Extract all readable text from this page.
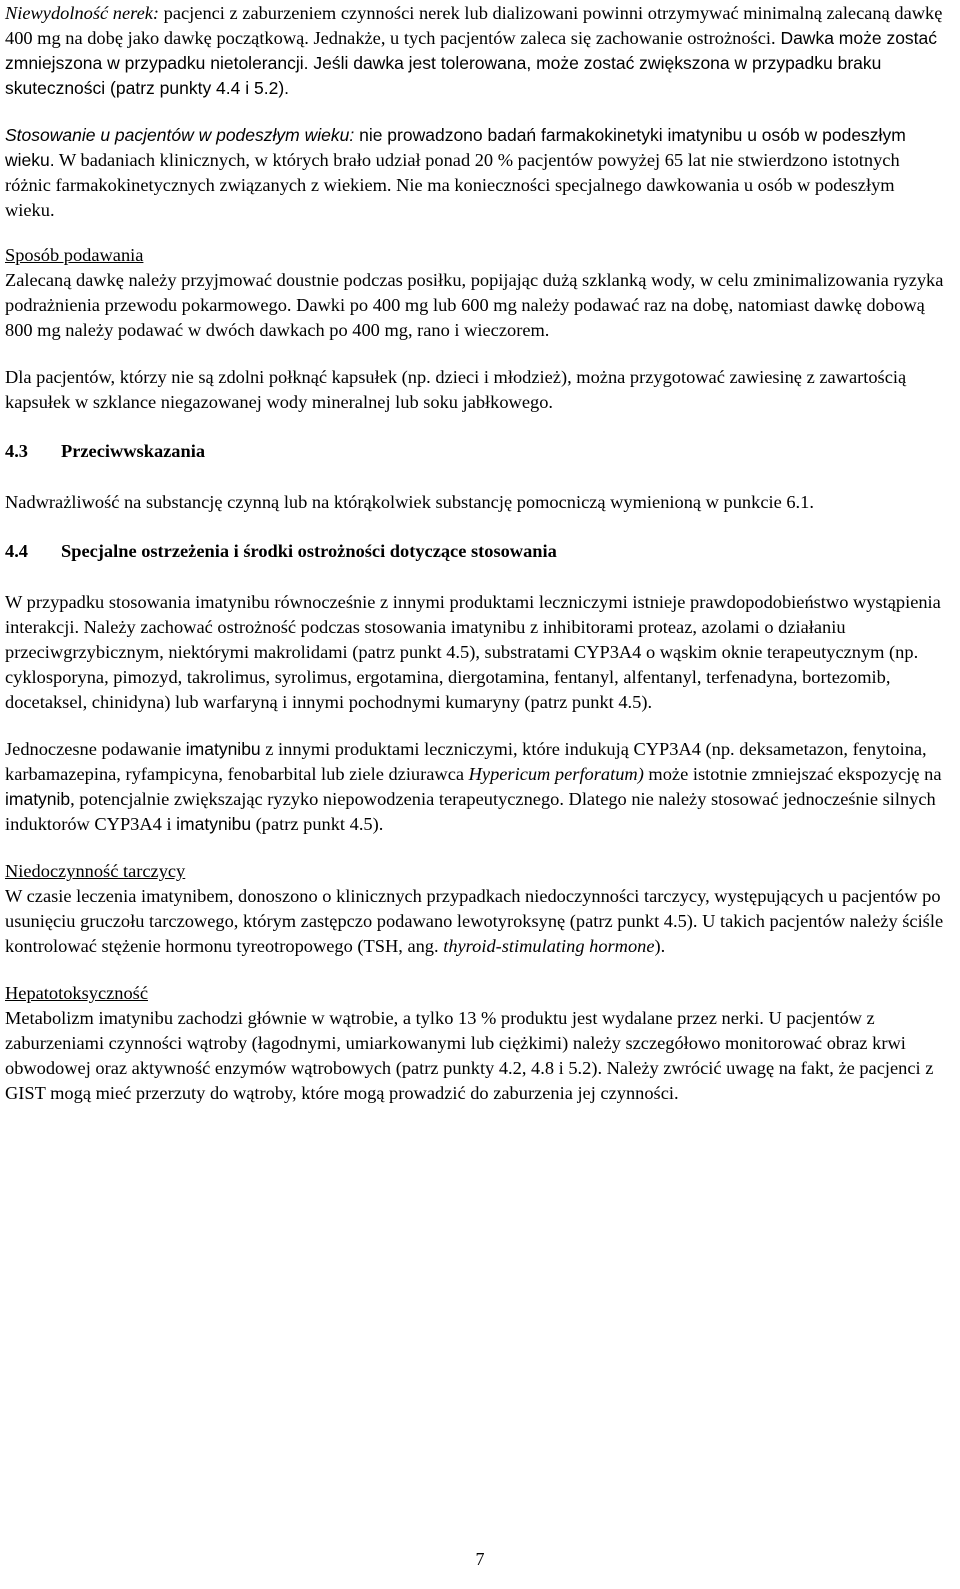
Niewydolność nerek: pacjenci z zaburzeniem czynności nerek lub dializowani powinni otrzymywać minimalną zalecaną dawkę 400 mg na dobę jako dawkę początkową. Jednakże, u tych pacjentów zaleca się zachowanie ostrożności. Dawka może zostać zmniejszona w przypadku nietolerancji. Jeśli dawka jest tolerowana, może zostać zwiększona w przypadku braku skuteczności (patrz punkty 4.4 i 5.2).

Stosowanie u pacjentów w podeszłym wieku: nie prowadzono badań farmakokinetyki imatynibu u osób w podeszłym wieku. W badaniach klinicznych, w których brało udział ponad 20 % pacjentów powyżej 65 lat nie stwierdzono istotnych różnic farmakokinetycznych związanych z wiekiem. Nie ma konieczności specjalnego dawkowania u osób w podeszłym wieku.

Sposób podawania

Zalecaną dawkę należy przyjmować doustnie podczas posiłku, popijając dużą szklanką wody, w celu zminimalizowania ryzyka podrażnienia przewodu pokarmowego. Dawki po 400 mg lub 600 mg należy podawać raz na dobę, natomiast dawkę dobową 800 mg należy podawać w dwóch dawkach po 400 mg, rano i wieczorem.

Dla pacjentów, którzy nie są zdolni połknąć kapsułek (np. dzieci i młodzież), można przygotować zawiesinę z zawartością kapsułek w szklance niegazowanej wody mineralnej lub soku jabłkowego.

4.3 Przeciwwskazania

Nadwrażliwość na substancję czynną lub na którąkolwiek substancję pomocniczą wymienioną w punkcie 6.1.

4.4 Specjalne ostrzeżenia i środki ostrożności dotyczące stosowania

W przypadku stosowania imatynibu równocześnie z innymi produktami leczniczymi istnieje prawdopodobieństwo wystąpienia interakcji. Należy zachować ostrożność podczas stosowania imatynibu z inhibitorami proteaz, azolami o działaniu przeciwgrzybicznym, niektórymi makrolidami (patrz punkt 4.5), substratami CYP3A4 o wąskim oknie terapeutycznym (np. cyklosporyna, pimozyd, takrolimus, syrolimus, ergotamina, diergotamina, fentanyl, alfentanyl, terfenadyna, bortezomib, docetaksel, chinidyna) lub warfaryną i innymi pochodnymi kumaryny (patrz punkt 4.5).

Jednoczesne podawanie imatynibu z innymi produktami leczniczymi, które indukują CYP3A4 (np. deksametazon, fenytoina, karbamazepina, ryfampicyna, fenobarbital lub ziele dziurawca Hypericum perforatum) może istotnie zmniejszać ekspozycję na imatynib, potencjalnie zwiększając ryzyko niepowodzenia terapeutycznego. Dlatego nie należy stosować jednocześnie silnych induktorów CYP3A4 i imatynibu (patrz punkt 4.5).

Niedoczynność tarczycy

W czasie leczenia imatynibem, donoszono o klinicznych przypadkach niedoczynności tarczycy, występujących u pacjentów po usunięciu gruczołu tarczowego, którym zastępczo podawano lewotyroksynę (patrz punkt 4.5). U takich pacjentów należy ściśle kontrolować stężenie hormonu tyreotropowego (TSH, ang. thyroid-stimulating hormone).

Hepatotoksyczność

Metabolizm imatynibu zachodzi głównie w wątrobie, a tylko 13 % produktu jest wydalane przez nerki. U pacjentów z zaburzeniami czynności wątroby (łagodnymi, umiarkowanymi lub ciężkimi) należy szczegółowo monitorować obraz krwi obwodowej oraz aktywność enzymów wątrobowych (patrz punkty 4.2, 4.8 i 5.2). Należy zwrócić uwagę na fakt, że pacjenci z GIST mogą mieć przerzuty do wątroby, które mogą prowadzić do zaburzenia jej czynności.

7
